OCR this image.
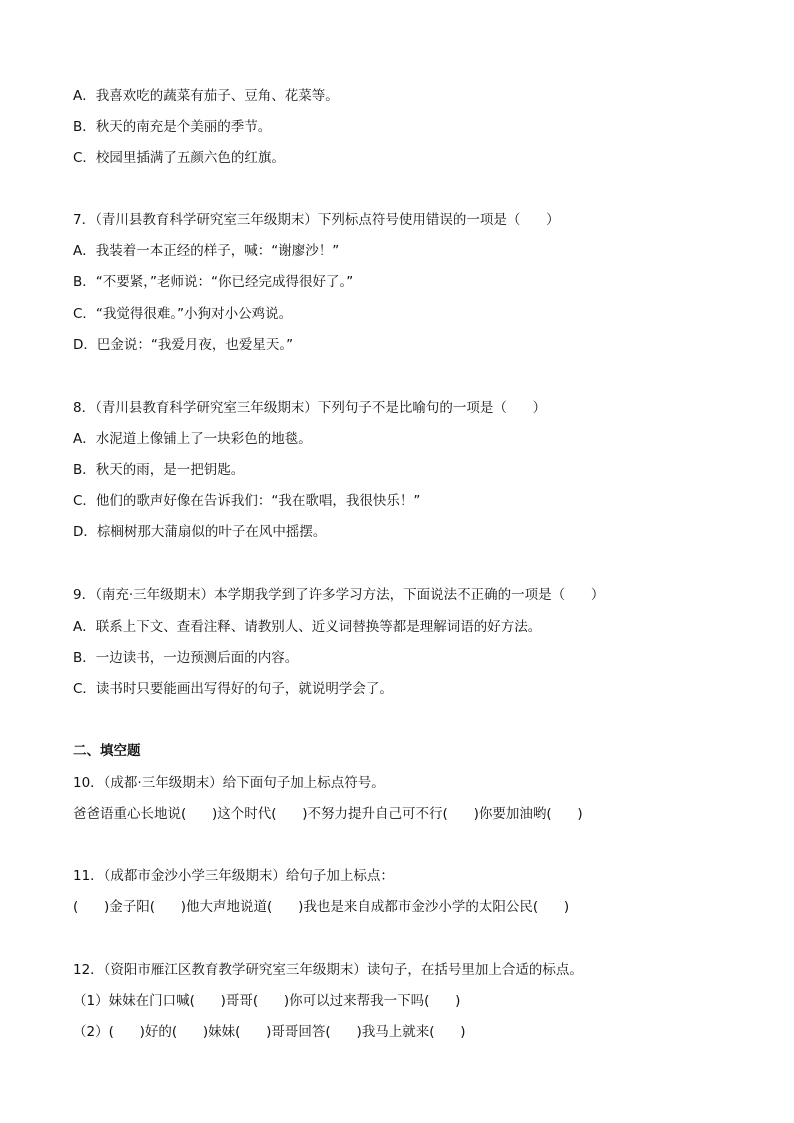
A．我喜欢吃的蔬菜有茄子、豆角、花菜等。
B．秋天的南充是个美丽的季节。
C．校园里插满了五颜六色的红旗。
7．（青川县教育科学研究室三年级期末）下列标点符号使用错误的一项是（      ）
A．我装着一本正经的样子，喊：“谢廖沙！”
B．“不要紧，”老师说：“你已经完成得很好了。”
C．“我觉得很难。”小狗对小公鸡说。
D．巴金说：“我爱月夜，也爱星天。”
8．（青川县教育科学研究室三年级期末）下列句子不是比喻句的一项是（      ）
A．水泥道上像铺上了一块彩色的地毯。
B．秋天的雨，是一把钥匙。
C．他们的歌声好像在告诉我们：“我在歌唱，我很快乐！”
D．棕榈树那大蒲扇似的叶子在风中摇摆。
9．（南充·三年级期末）本学期我学到了许多学习方法，下面说法不正确的一项是（      ）
A．联系上下文、查看注释、请教别人、近义词替换等都是理解词语的好方法。
B．一边读书，一边预测后面的内容。
C．读书时只要能画出写得好的句子，就说明学会了。
二、填空题
10．（成都·三年级期末）给下面句子加上标点符号。
爸爸语重心长地说(      )这个时代(      )不努力提升自己可不行(      )你要加油哟(      )
11．（成都市金沙小学三年级期末）给句子加上标点：
(      )金子阳(      )他大声地说道(      )我也是来自成都市金沙小学的太阳公民(      )
12．（资阳市雁江区教育教学研究室三年级期末）读句子，在括号里加上合适的标点。
（1）妹妹在门口喊(      )哥哥(      )你可以过来帮我一下吗(      )
（2）(      )好的(      )妹妹(      )哥哥回答(      )我马上就来(      )
